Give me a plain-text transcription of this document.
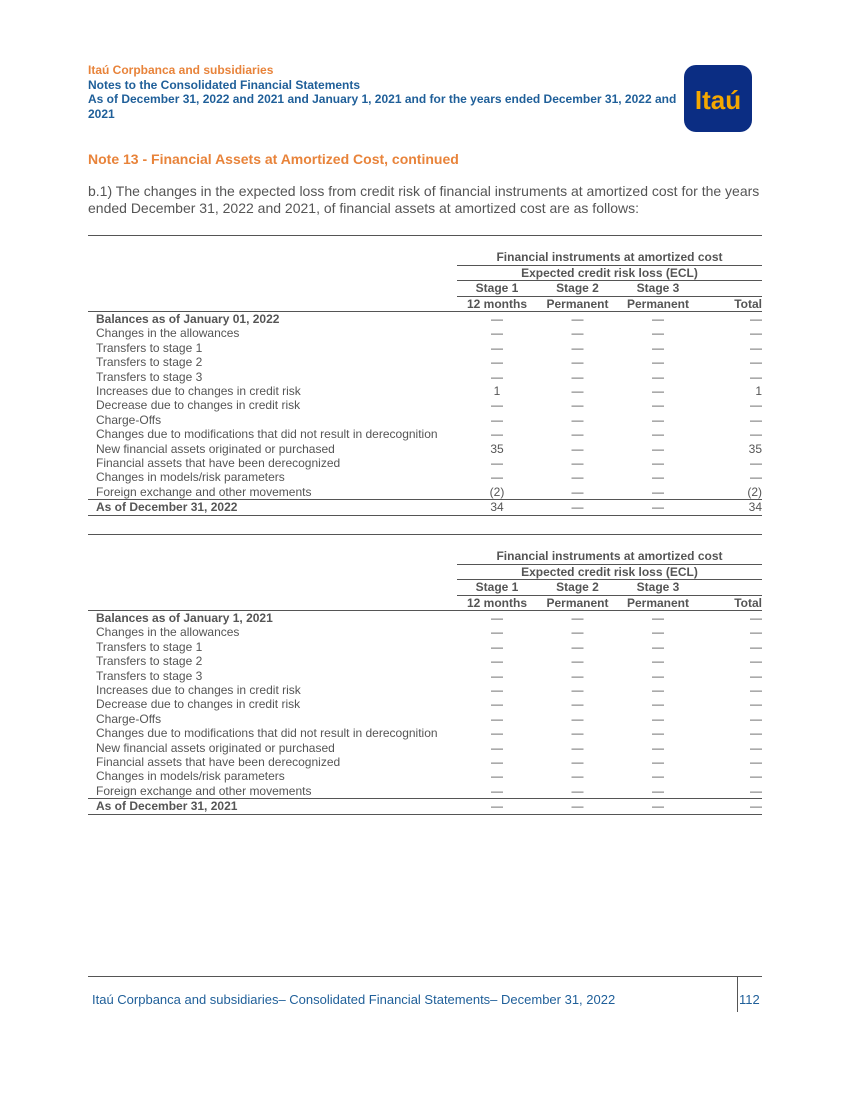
Itaú Corpbanca and subsidiaries
Notes to the Consolidated Financial Statements
As of December 31, 2022 and 2021 and January 1, 2021 and for the years ended December 31, 2022 and 2021	Itaú
Note 13 - Financial Assets at Amortized Cost, continued
b.1) The changes in the expected loss from credit risk of financial instruments at amortized cost for the years ended December 31, 2022 and 2021, of financial assets at amortized cost are as follows:

	Financial instruments at amortized cost			
	Expected credit risk loss (ECL)			
	Stage 1	Stage 2	Stage 3	
	12 months	Permanent	Permanent	Total
Balances as of January 01, 2022	—	—	—	—
Changes in the allowances	—	—	—	—
Transfers to stage 1	—	—	—	—
Transfers to stage 2	—	—	—	—
Transfers to stage 3	—	—	—	—
Increases due to changes in credit risk	1	—	—	1
Decrease due to changes in credit risk	—	—	—	—
Charge-Offs	—	—	—	—
Changes due to modifications that did not result in derecognition	—	—	—	—
New financial assets originated or purchased	35	—	—	35
Financial assets that have been derecognized	—	—	—	—
Changes in models/risk parameters	—	—	—	—
Foreign exchange and other movements	(2)	—	—	(2)
As of December 31, 2022	34	—	—	34

	Financial instruments at amortized cost			
	Expected credit risk loss (ECL)			
	Stage 1	Stage 2	Stage 3	
	12 months	Permanent	Permanent	Total
Balances as of January 1, 2021	—	—	—	—
Changes in the allowances	—	—	—	—
Transfers to stage 1	—	—	—	—
Transfers to stage 2	—	—	—	—
Transfers to stage 3	—	—	—	—
Increases due to changes in credit risk	—	—	—	—
Decrease due to changes in credit risk	—	—	—	—
Charge-Offs	—	—	—	—
Changes due to modifications that did not result in derecognition	—	—	—	—
New financial assets originated or purchased	—	—	—	—
Financial assets that have been derecognized	—	—	—	—
Changes in models/risk parameters	—	—	—	—
Foreign exchange and other movements	—	—	—	—
As of December 31, 2021	—	—	—	—
Itaú Corpbanca and subsidiaries– Consolidated Financial Statements– December 31, 2022	112
